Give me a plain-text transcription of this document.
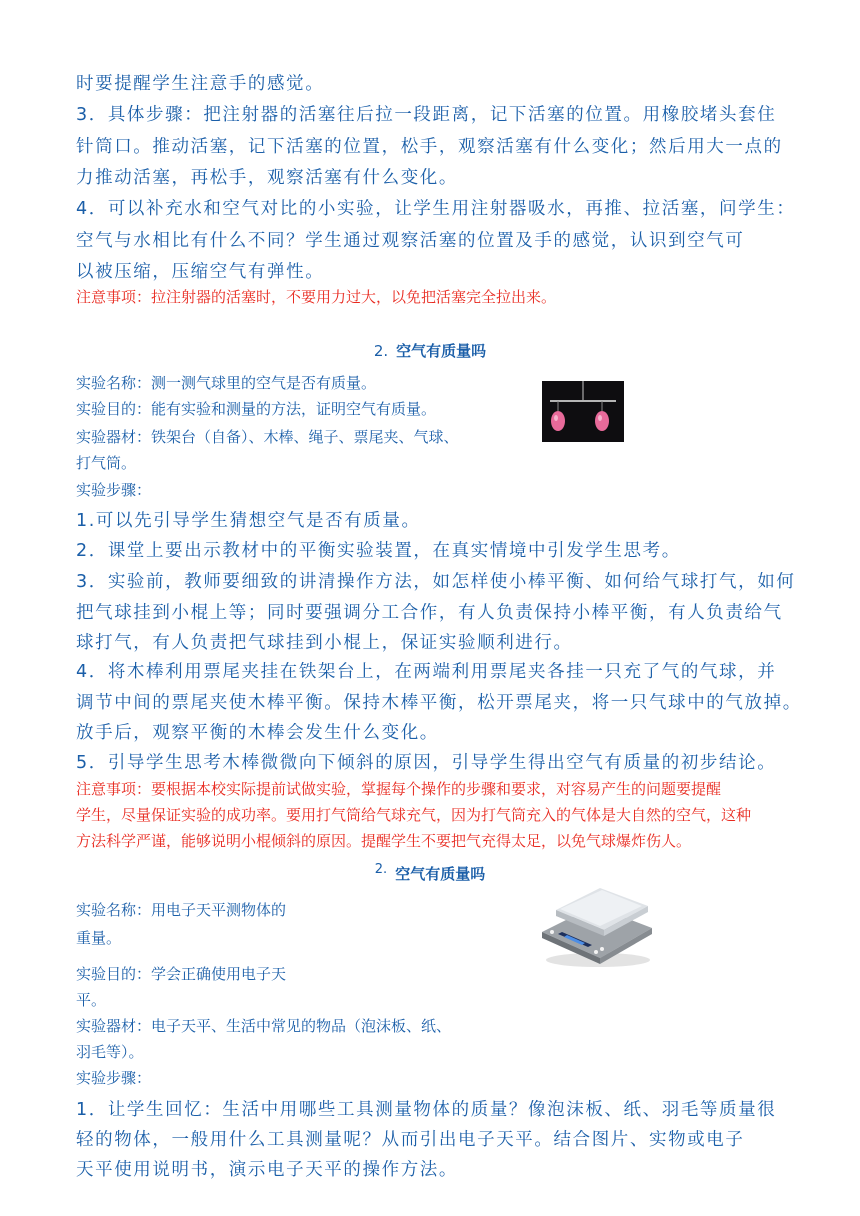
时要提醒学生注意手的感觉。
3．具体步骤：把注射器的活塞往后拉一段距离，记下活塞的位置。用橡胶堵头套住
针筒口。推动活塞，记下活塞的位置，松手，观察活塞有什么变化；然后用大一点的
力推动活塞，再松手，观察活塞有什么变化。
4．可以补充水和空气对比的小实验，让学生用注射器吸水，再推、拉活塞，问学生：
空气与水相比有什么不同？学生通过观察活塞的位置及手的感觉，认识到空气可
以被压缩，压缩空气有弹性。
注意事项：拉注射器的活塞时，不要用力过大，以免把活塞完全拉出来。
2. 空气有质量吗
实验名称：测一测气球里的空气是否有质量。
实验目的：能有实验和测量的方法，证明空气有质量。
实验器材：铁架台（自备）、木棒、绳子、票尾夹、气球、
打气筒。
实验步骤：
1.可以先引导学生猜想空气是否有质量。
2．课堂上要出示教材中的平衡实验装置，在真实情境中引发学生思考。
3．实验前，教师要细致的讲清操作方法，如怎样使小棒平衡、如何给气球打气，如何
把气球挂到小棍上等；同时要强调分工合作，有人负责保持小棒平衡，有人负责给气
球打气，有人负责把气球挂到小棍上，保证实验顺利进行。
4．将木棒利用票尾夹挂在铁架台上，在两端利用票尾夹各挂一只充了气的气球，并
调节中间的票尾夹使木棒平衡。保持木棒平衡，松开票尾夹，将一只气球中的气放掉。
放手后，观察平衡的木棒会发生什么变化。
5．引导学生思考木棒微微向下倾斜的原因，引导学生得出空气有质量的初步结论。
注意事项：要根据本校实际提前试做实验，掌握每个操作的步骤和要求，对容易产生的问题要提醒
学生，尽量保证实验的成功率。要用打气筒给气球充气，因为打气筒充入的气体是大自然的空气，这种
方法科学严谨，能够说明小棍倾斜的原因。提醒学生不要把气充得太足，以免气球爆炸伤人。
2. 空气有质量吗
实验名称：用电子天平测物体的
重量。
实验目的：学会正确使用电子天
平。
实验器材：电子天平、生活中常见的物品（泡沫板、纸、
羽毛等）。
实验步骤：
1．让学生回忆：生活中用哪些工具测量物体的质量？像泡沫板、纸、羽毛等质量很
轻的物体，一般用什么工具测量呢？从而引出电子天平。结合图片、实物或电子
天平使用说明书，演示电子天平的操作方法。
